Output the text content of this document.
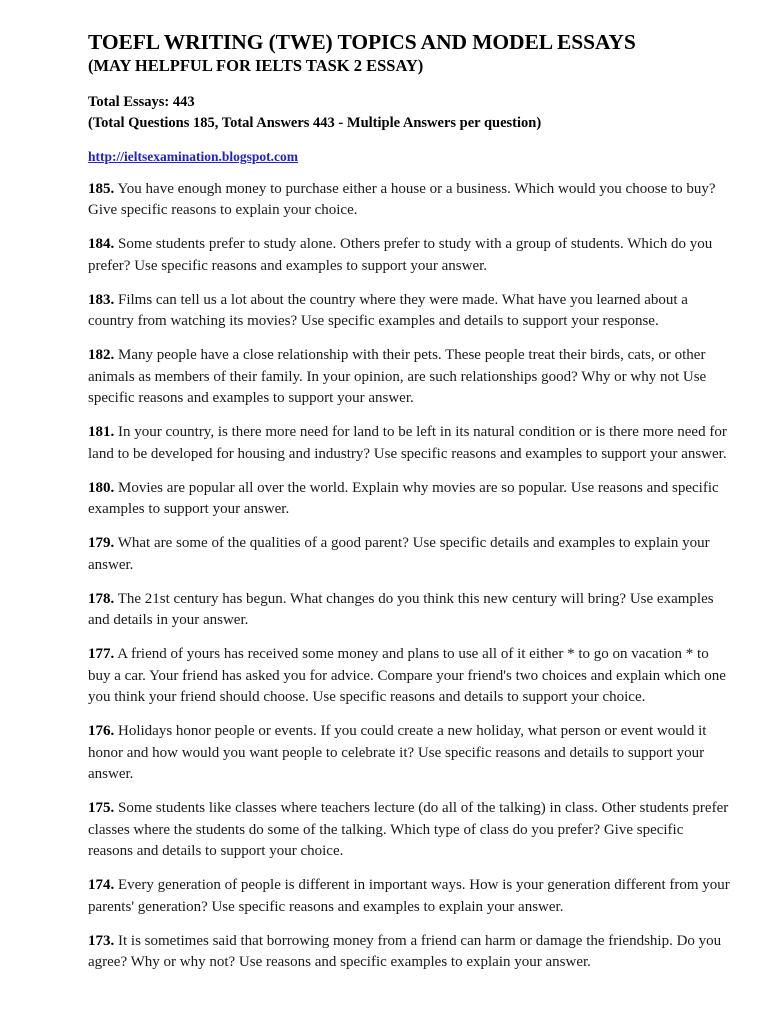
TOEFL WRITING (TWE) TOPICS AND MODEL ESSAYS
(MAY HELPFUL FOR IELTS TASK 2 ESSAY)

Total Essays: 443

(Total Questions 185, Total Answers 443 - Multiple Answers per question)

http://ieltsexamination.blogspot.com

185. You have enough money to purchase either a house or a business. Which would you choose to buy? Give specific reasons to explain your choice.

184. Some students prefer to study alone. Others prefer to study with a group of students. Which do you prefer? Use specific reasons and examples to support your answer.

183. Films can tell us a lot about the country where they were made. What have you learned about a country from watching its movies? Use specific examples and details to support your response.

182. Many people have a close relationship with their pets. These people treat their birds, cats, or other animals as members of their family. In your opinion, are such relationships good? Why or why not Use specific reasons and examples to support your answer.

181. In your country, is there more need for land to be left in its natural condition or is there more need for land to be developed for housing and industry? Use specific reasons and examples to support your answer.

180. Movies are popular all over the world. Explain why movies are so popular. Use reasons and specific examples to support your answer.

179. What are some of the qualities of a good parent? Use specific details and examples to explain your answer.

178. The 21st century has begun. What changes do you think this new century will bring? Use examples and details in your answer.

177. A friend of yours has received some money and plans to use all of it either * to go on vacation * to buy a car. Your friend has asked you for advice. Compare your friend's two choices and explain which one you think your friend should choose. Use specific reasons and details to support your choice.

176. Holidays honor people or events. If you could create a new holiday, what person or event would it honor and how would you want people to celebrate it? Use specific reasons and details to support your answer.

175. Some students like classes where teachers lecture (do all of the talking) in class. Other students prefer classes where the students do some of the talking. Which type of class do you prefer? Give specific reasons and details to support your choice.

174. Every generation of people is different in important ways. How is your generation different from your parents' generation? Use specific reasons and examples to explain your answer.

173. It is sometimes said that borrowing money from a friend can harm or damage the friendship. Do you agree? Why or why not? Use reasons and specific examples to explain your answer.
